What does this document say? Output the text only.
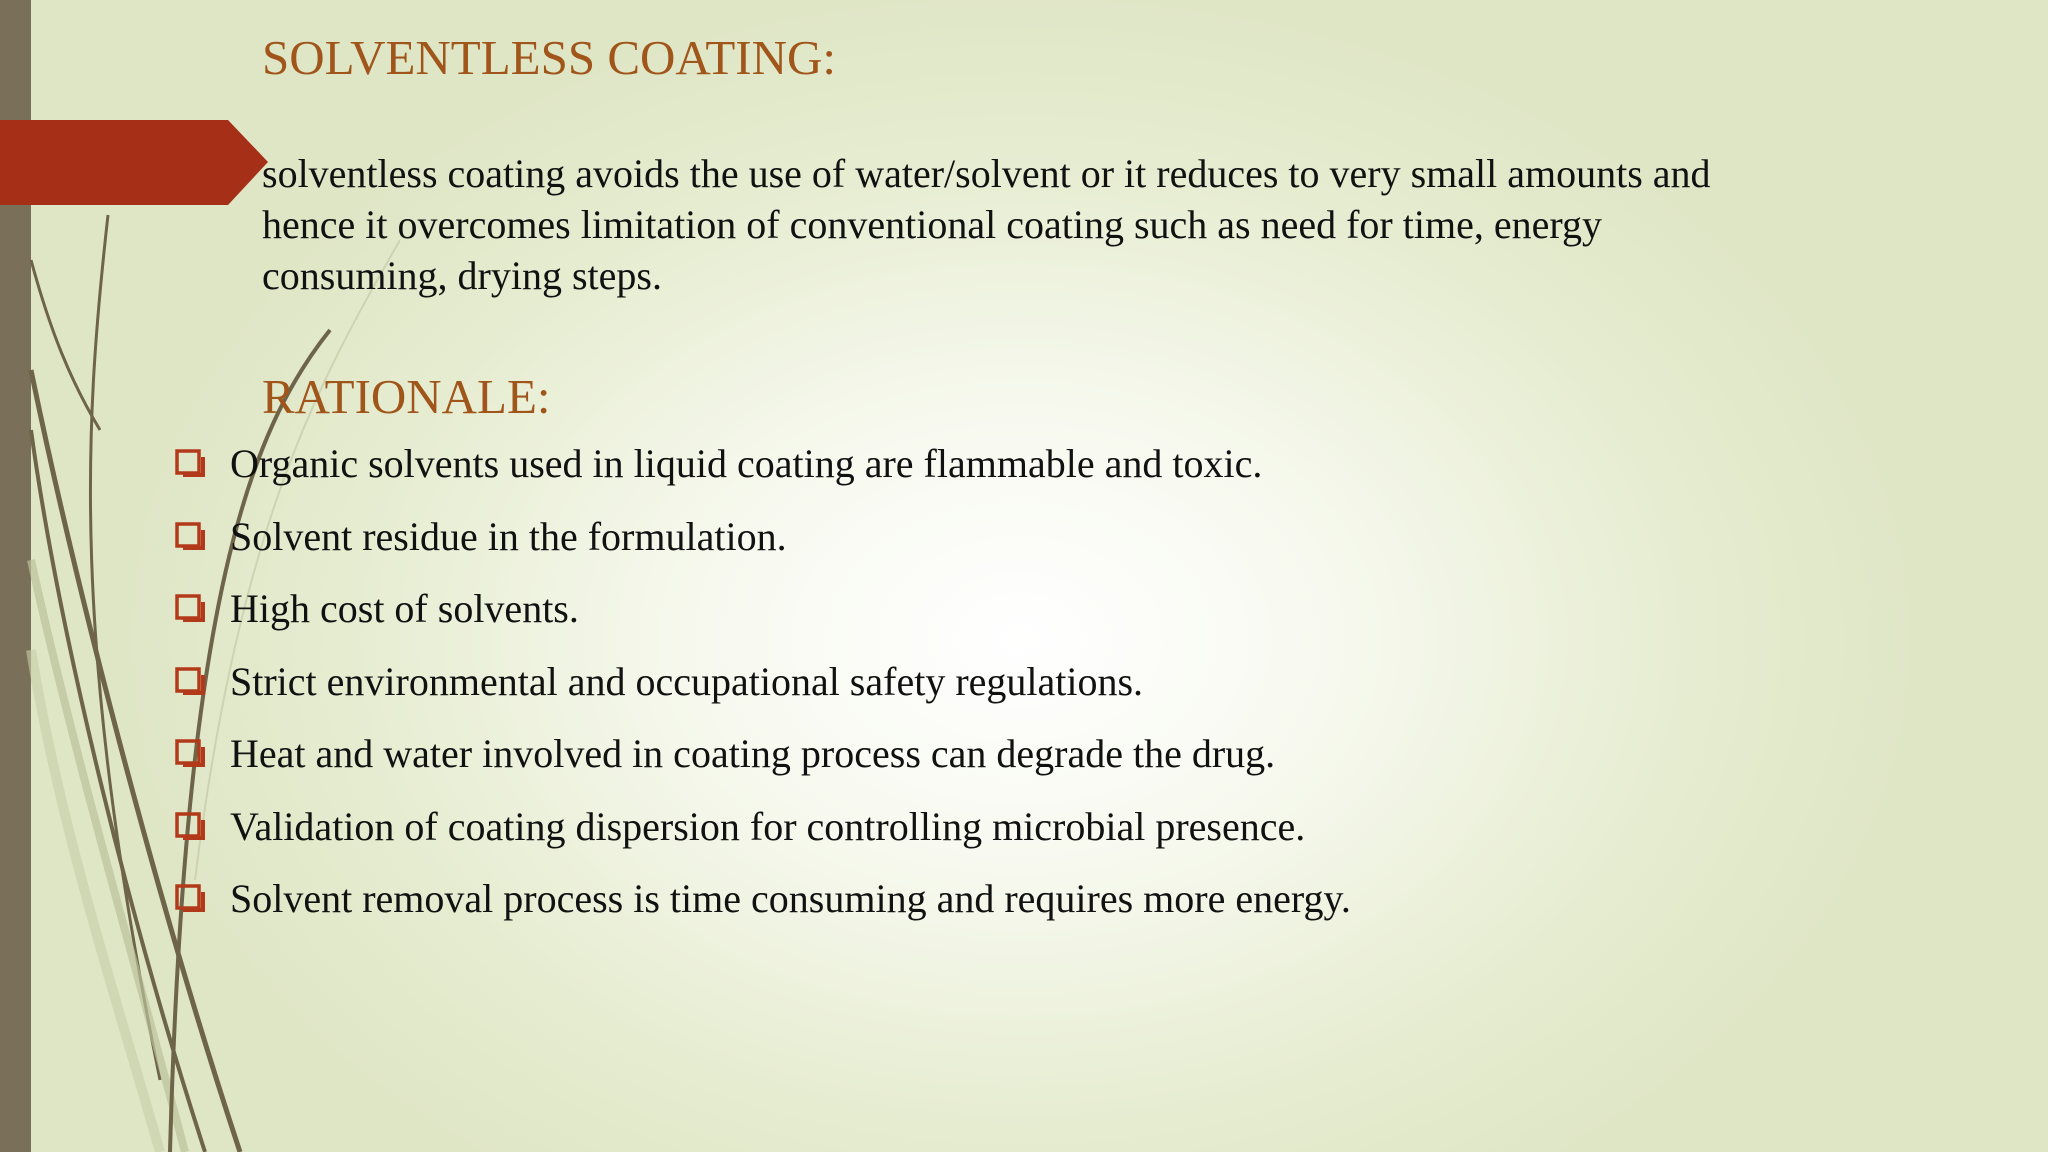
SOLVENTLESS COATING:
solventless coating avoids the use of water/solvent or it reduces to very small amounts and hence it overcomes limitation of conventional coating such as need for time, energy consuming, drying steps.
RATIONALE:
Organic solvents used in liquid coating are flammable and toxic.
Solvent residue in the formulation.
High cost of solvents.
Strict environmental and occupational safety regulations.
Heat and water involved in coating process can degrade the drug.
Validation of coating dispersion for controlling microbial presence.
Solvent removal process is time consuming and requires more energy.
